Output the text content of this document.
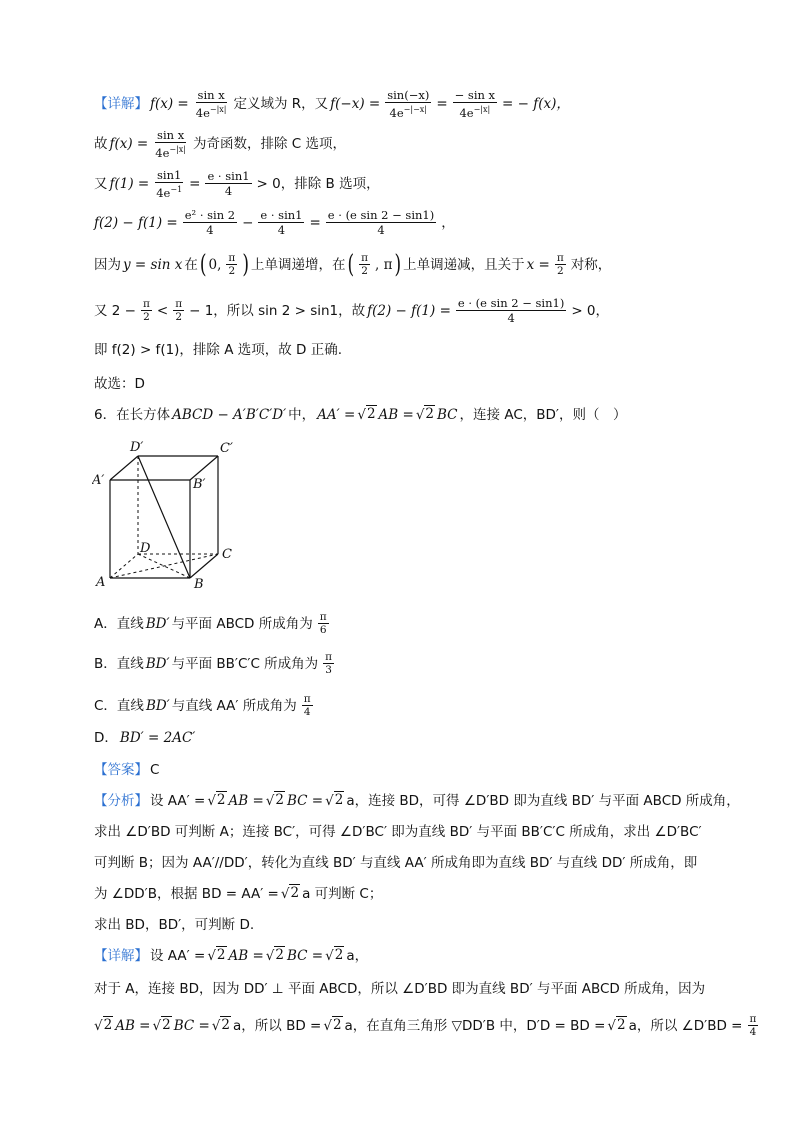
【详解】 $f(x) = \frac{\text{sin x}}{4e^{-|x|}}$ 定义域为 R，又 $f(-x) = \frac{\sin(-x)}{4e^{-|-x|}} = \frac{\text{− sin x}}{4e^{-|x|}}$ = − f(x)，
故 $f(x) = \frac{\text{sin x}}{4e^{-|x|}}$ 为奇函数，排除 C 选项，
又 $f(1) = \frac{\sin 1}{4e^{-1}} = \frac{e \cdot \sin 1}{4} > 0$，排除 B 选项，
$f(2) - f(1) = \frac{\text{e² · sin 2}}{4} - \frac{e \cdot \sin 1}{4} = \frac{\text{e · (e sin 2 − sin1)}}{4}$ ，
因为 y = sin x 在 ( 0, $\frac{\pi}{2}$ ) 上单调递增，在 ( $\frac{\pi}{2}$ , π ) 上单调递减，且关于 $x = \frac{\pi}{2}$ 对称，
又 $2 - \frac{\pi}{2} < \frac{\pi}{2} - 1$，所以 sin 2 > sin1，故 $f(2) - f(1) = \frac{\text{e · (e sin 2 − sin1)}}{4} > 0$，
即 f(2) > f(1)，排除 A 选项，故 D 正确.
故选：D
6．在长方体 ABCD − A′B′C′D′ 中， AA′ = √ 2 AB = √ 2 BC ，连接 AC，BD′，则（　）
D′	C′
A′	B′
D	C
A	B
A．直线 BD′ 与平面 ABCD 所成角为 $\frac{\pi}{6}$
B．直线 BD′ 与平面 BB′C′C 所成角为 $\frac{\pi}{3}$
C．直线 BD′ 与直线 AA′ 所成角为 $\frac{\pi}{4}$
D． BD′ = 2AC′
【答案】 C
【分析】 设 AA′ = √ 2 AB = √ 2 BC = √ 2 a，连接 BD，可得 ∠D′BD 即为直线 BD′ 与平面 ABCD 所成角，
求出 ∠D′BD 可判断 A；连接 BC′，可得 ∠D′BC′ 即为直线 BD′ 与平面 BB′C′C 所成角，求出 ∠D′BC′
可判断 B；因为 AA′//DD′，转化为直线 BD′ 与直线 AA′ 所成角即为直线 BD′ 与直线 DD′ 所成角，即
为 ∠DD′B，根据 BD = AA′ = √ 2 a 可判断 C；
求出 BD，BD′，可判断 D.
【详解】 设 AA′ = √ 2 AB = √ 2 BC = √ 2 a，
对于 A，连接 BD，因为 DD′ ⊥ 平面 ABCD，所以 ∠D′BD 即为直线 BD′ 与平面 ABCD 所成角，因为
√ 2 AB = √ 2 BC = √ 2 a，所以 BD = √ 2 a，在直角三角形 ▽DD′B 中，D′D = BD = √ 2 a，所以 ∠D′BD = $\frac{\pi}{4}$
